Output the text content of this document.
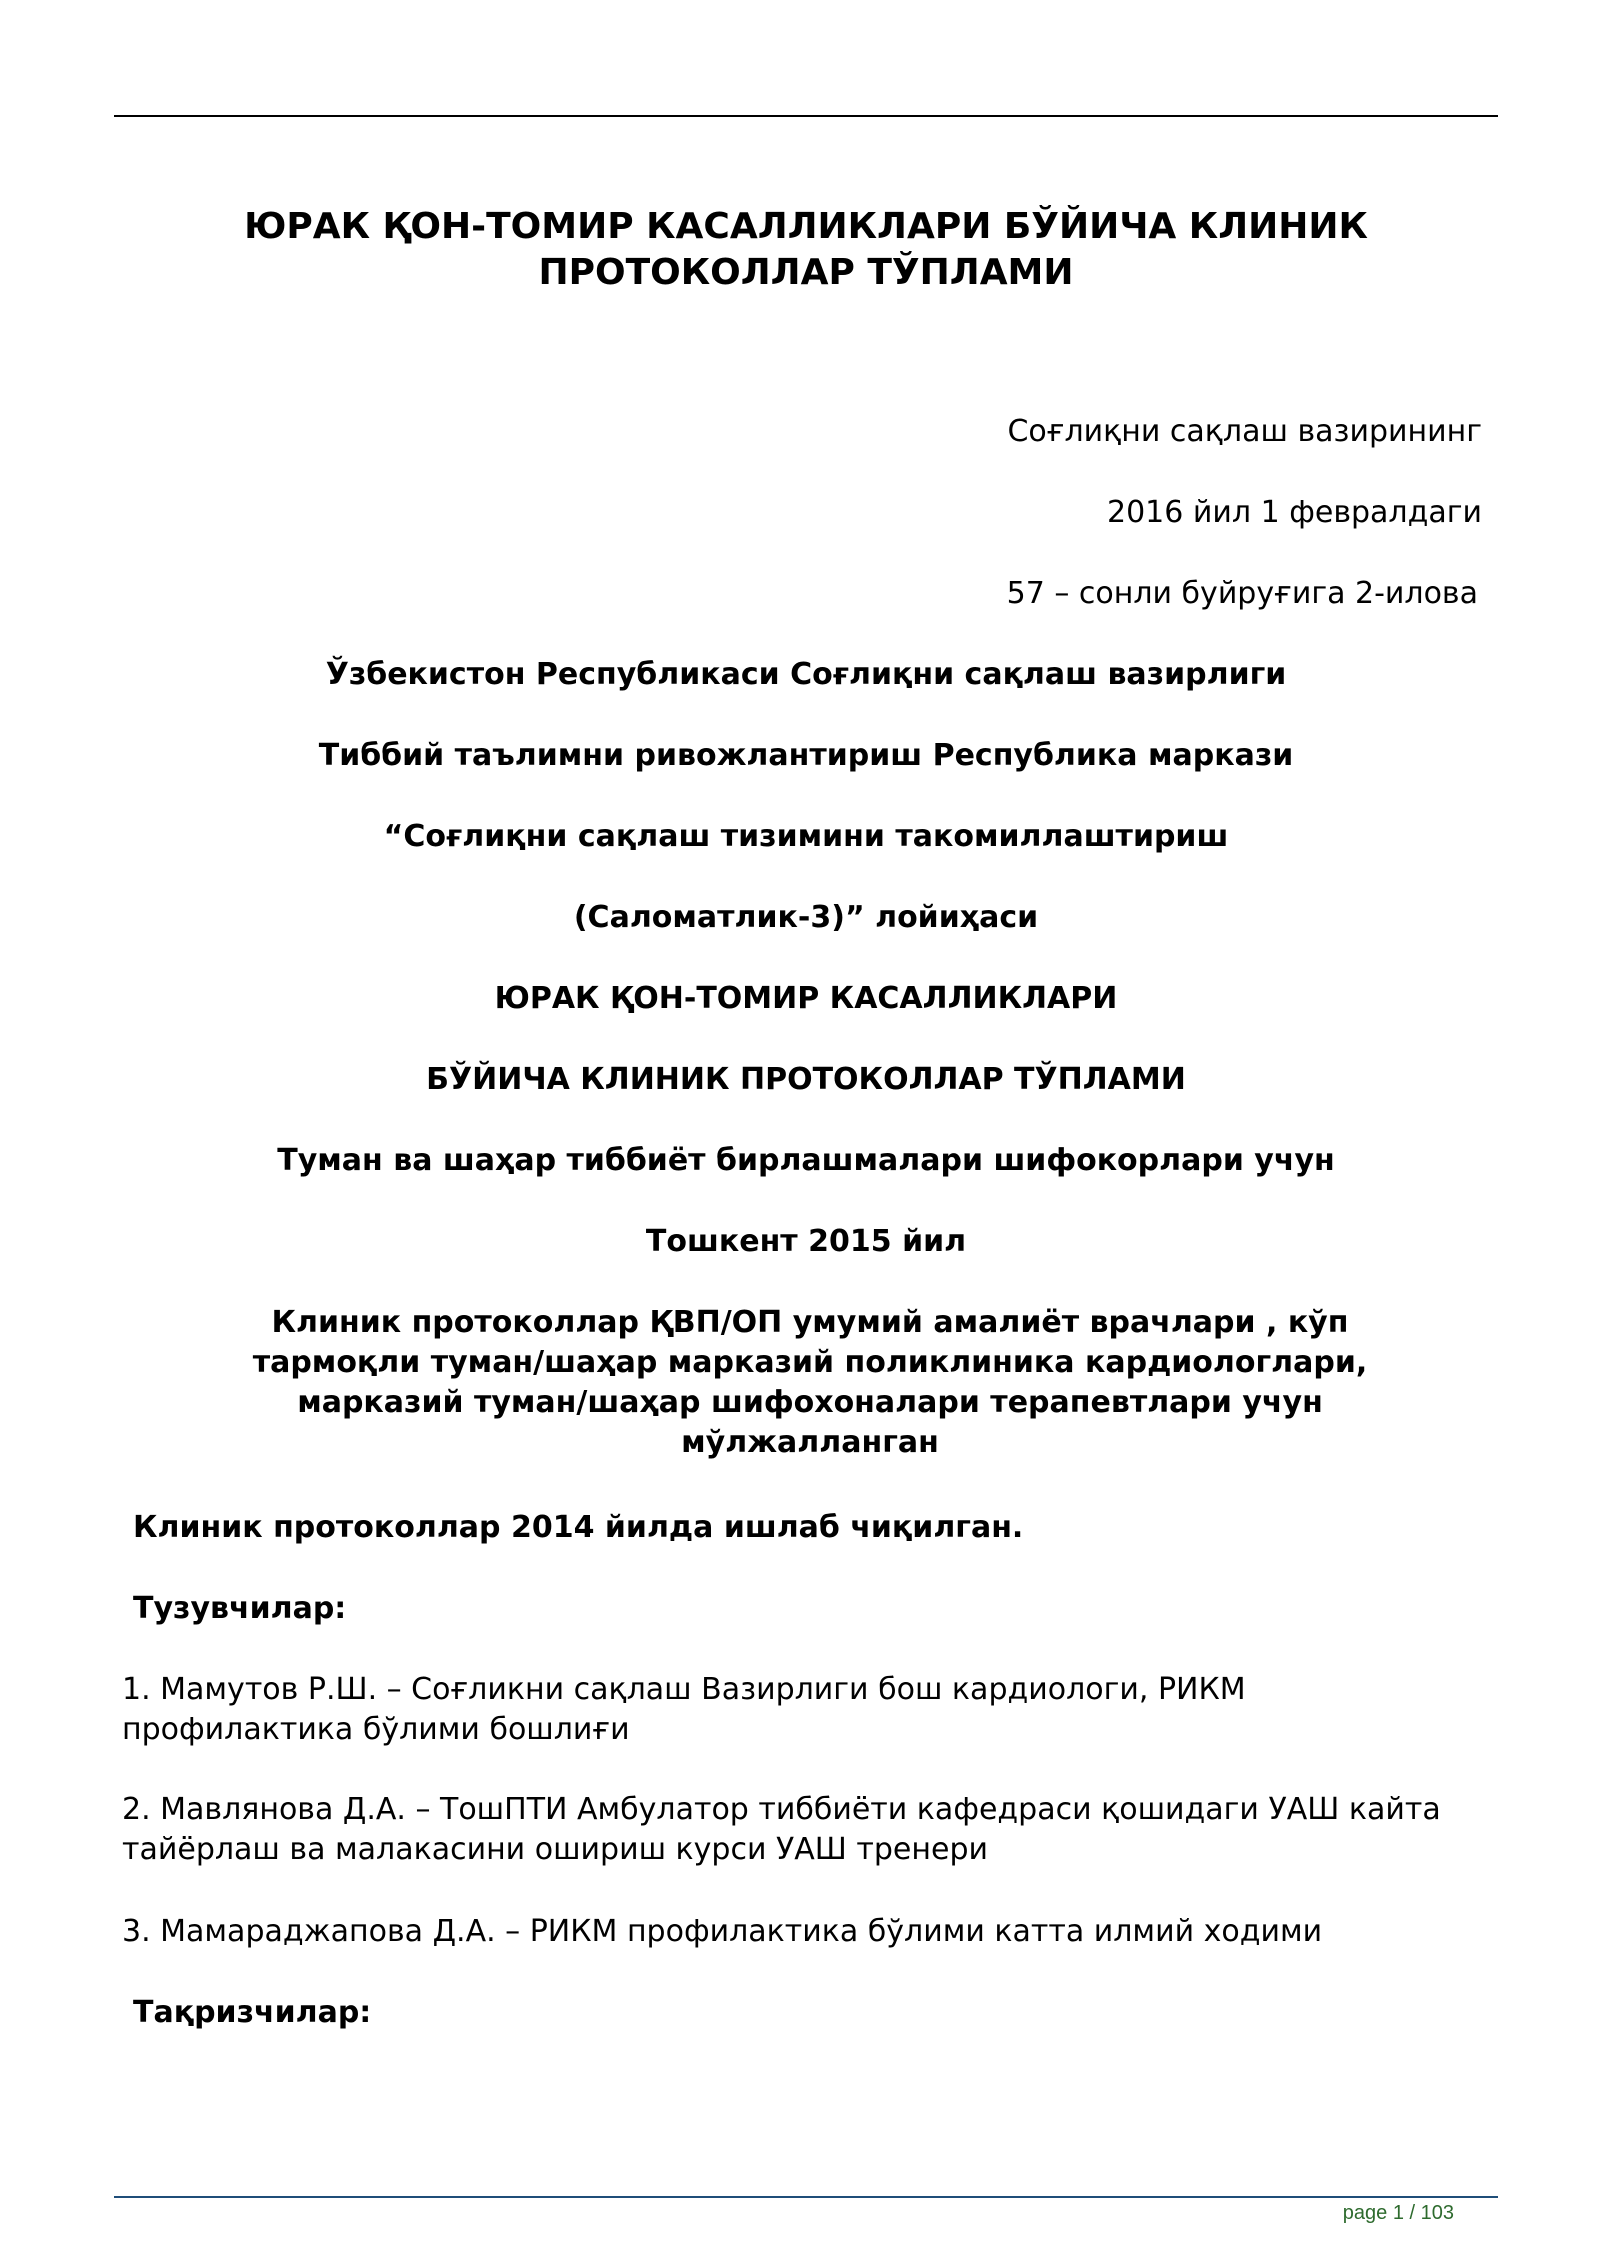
ЮРАК ҚОН-ТОМИР КАСАЛЛИКЛАРИ БЎЙИЧА КЛИНИК ПРОТОКОЛЛАР ТЎПЛАМИ
Соғлиқни сақлаш вазирининг
2016 йил 1 февралдаги
57 – сонли буйруғига 2-илова
Ўзбекистон Республикаси Соғлиқни сақлаш вазирлиги
Тиббий таълимни ривожлантириш Республика маркази
“Соғлиқни сақлаш тизимини такомиллаштириш
(Саломатлик-3)” лойиҳаси
ЮРАК ҚОН-ТОМИР КАСАЛЛИКЛАРИ
БЎЙИЧА КЛИНИК ПРОТОКОЛЛАР ТЎПЛАМИ
Туман ва шаҳар тиббиёт бирлашмалари шифокорлари учун
Тошкент 2015 йил
Клиник протоколлар ҚВП/ОП умумий амалиёт врачлари , кўп тармоқли туман/шаҳар марказий поликлиника кардиологлари, марказий туман/шаҳар шифохоналари терапевтлари учун мўлжалланган
Клиник протоколлар 2014 йилда ишлаб чиқилган.
Тузувчилар:
1. Мамутов Р.Ш. – Соғликни сақлаш Вазирлиги бош кардиологи, РИКМ профилактика бўлими бошлиғи
2. Мавлянова Д.А. – ТошПТИ Амбулатор тиббиёти кафедраси қошидаги УАШ кайта тайёрлаш ва малакасини ошириш курси УАШ тренери
3. Мамараджапова Д.А. – РИКМ профилактика бўлими катта илмий ходими
Тақризчилар:
page 1 / 103
